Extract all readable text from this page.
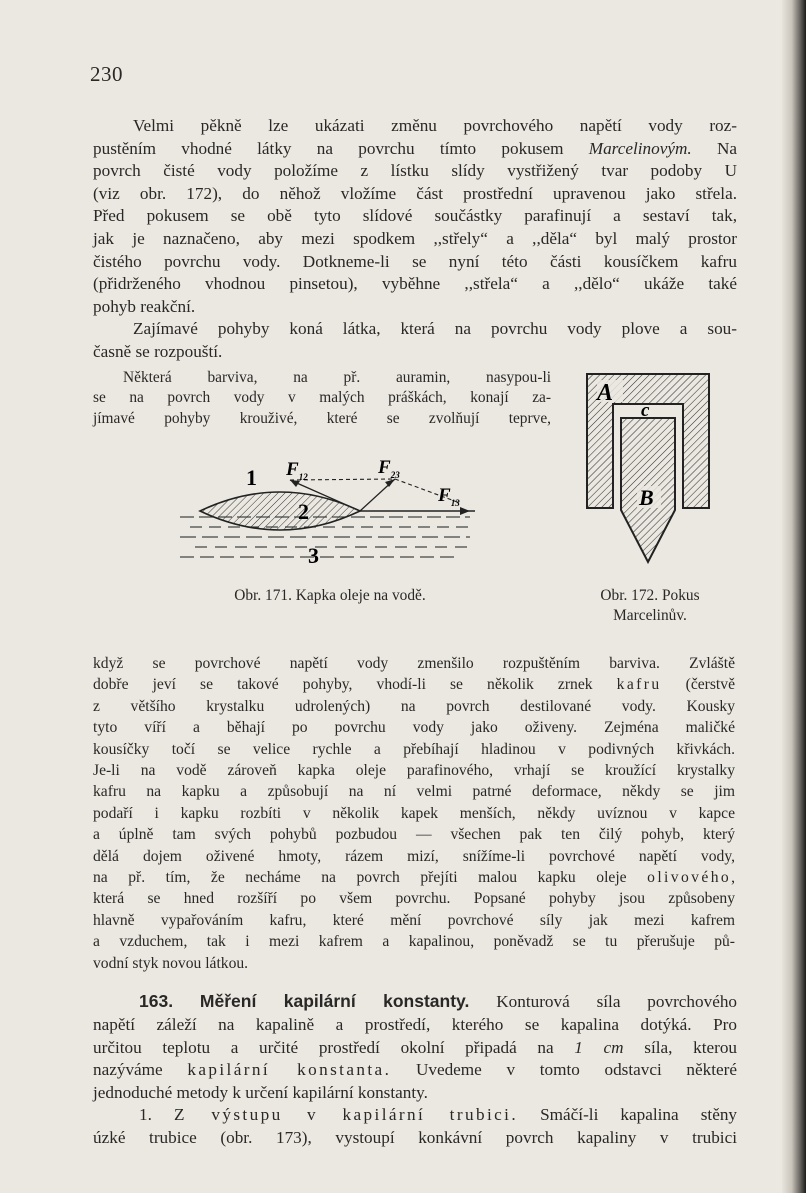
230
Velmi pěkně lze ukázati změnu povrchového napětí vody roz-
pustěním vhodné látky na povrchu tímto pokusem Marcelinovým. Na
povrch čisté vody položíme z lístku slídy vystřižený tvar podoby U
(viz obr. 172), do něhož vložíme část prostřední upravenou jako střela.
Před pokusem se obě tyto slídové součástky parafinují a sestaví tak,
jak je naznačeno, aby mezi spodkem ,,střely“ a ,,děla“ byl malý prostor
čistého povrchu vody. Dotkneme-li se nyní této části kousíčkem kafru
(přidrženého vhodnou pinsetou), vyběhne ,,střela“ a ,,dělo“ ukáže také
pohyb reakční.
Zajímavé pohyby koná látka, která na povrchu vody plove a sou-
časně se rozpouští.
Některá barviva, na př. auramin, nasypou-li
se na povrch vody v malých práškách, konají za-
jímavé pohyby krouživé, které se zvolňují teprve,
1 $F_{12}$	$F_{23}$
$F_{13}$
2
3
Obr. 171. Kapka oleje na vodě.
A
c
B
Obr. 172. Pokus
Marcelinův.
když se povrchové napětí vody zmenšilo rozpuštěním barviva. Zvláště
dobře jeví se takové pohyby, vhodí-li se několik zrnek kafru (čerstvě
z většího krystalku udrolených) na povrch destilované vody. Kousky
tyto víří a běhají po povrchu vody jako oživeny. Zejména maličké
kousíčky točí se velice rychle a přebíhají hladinou v podivných křivkách.
Je-li na vodě zároveň kapka oleje parafinového, vrhají se kroužící krystalky
kafru na kapku a způsobují na ní velmi patrné deformace, někdy se jim
podaří i kapku rozbíti v několik kapek menších, někdy uvíznou v kapce
a úplně tam svých pohybů pozbudou — všechen pak ten čilý pohyb, který
dělá dojem oživené hmoty, rázem mizí, snížíme-li povrchové napětí vody,
na př. tím, že necháme na povrch přejíti malou kapku oleje olivového,
která se hned rozšíří po všem povrchu. Popsané pohyby jsou způsobeny
hlavně vypařováním kafru, které mění povrchové síly jak mezi kafrem
a vzduchem, tak i mezi kafrem a kapalinou, poněvadž se tu přerušuje pů-
vodní styk novou látkou.
163. Měření kapilární konstanty. Konturová síla povrchového
napětí záleží na kapalině a prostředí, kterého se kapalina dotýká. Pro
určitou teplotu a určité prostředí okolní připadá na 1 cm síla, kterou
nazýváme kapilární konstanta. Uvedeme v tomto odstavci některé
jednoduché metody k určení kapilární konstanty.
1. Z výstupu v kapilární trubici. Smáčí-li kapalina stěny
úzké trubice (obr. 173), vystoupí konkávní povrch kapaliny v trubici
